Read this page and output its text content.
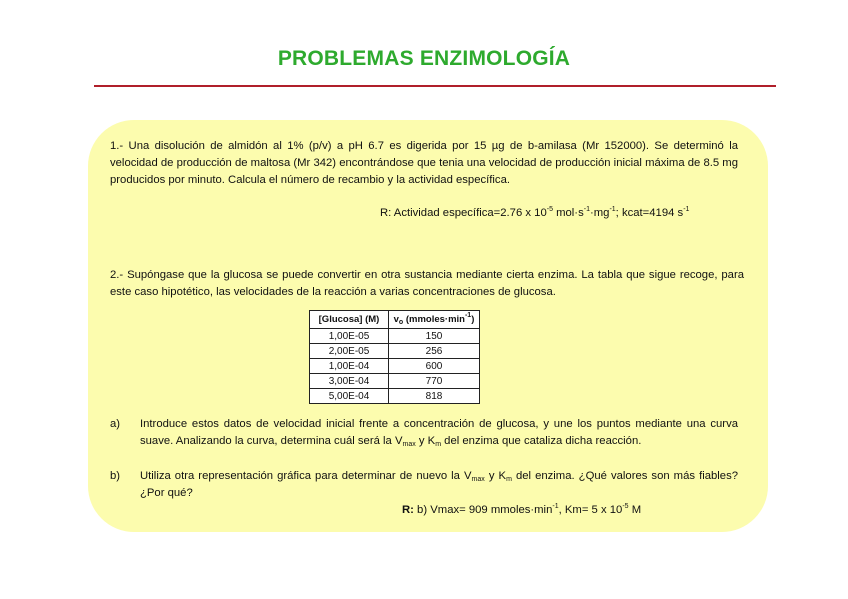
PROBLEMAS ENZIMOLOGÍA
1.- Una disolución de almidón al 1% (p/v) a pH 6.7 es digerida por 15 µg de b-amilasa (Mr 152000). Se determinó la velocidad de producción de maltosa (Mr 342) encontrándose que tenia una velocidad de producción inicial máxima de 8.5 mg producidos por minuto. Calcula el número de recambio y la actividad específica.
R: Actividad específica=2.76 x $10^{-5}$ $mol\cdot s^{-1}\cdot mg^{-1}$; kcat=4194 $s^{-1}$
2.- Supóngase que la glucosa se puede convertir en otra sustancia mediante cierta enzima. La tabla que sigue recoge, para este caso hipotético, las velocidades de la reacción a varias concentraciones de glucosa.
[Glucosa] (M)	$v_o$ $(mmoles\cdot\min^{-1})$
1,00E-05	150
2,00E-05	256
1,00E-04	600
3,00E-04	770
5,00E-04	818
a) Introduce estos datos de velocidad inicial frente a concentración de glucosa, y une los puntos mediante una curva suave. Analizando la curva, determina cuál será la $V_{max}$ y $K_m$ del enzima que cataliza dicha reacción.
b) Utiliza otra representación gráfica para determinar de nuevo la $V_{max}$ y $K_m$ del enzima. ¿Qué valores son más fiables? ¿Por qué?
R: b) Vmax= 909 $mmoles\cdot\min^{-1}$, Km= 5 x $10^{-5}$ M
